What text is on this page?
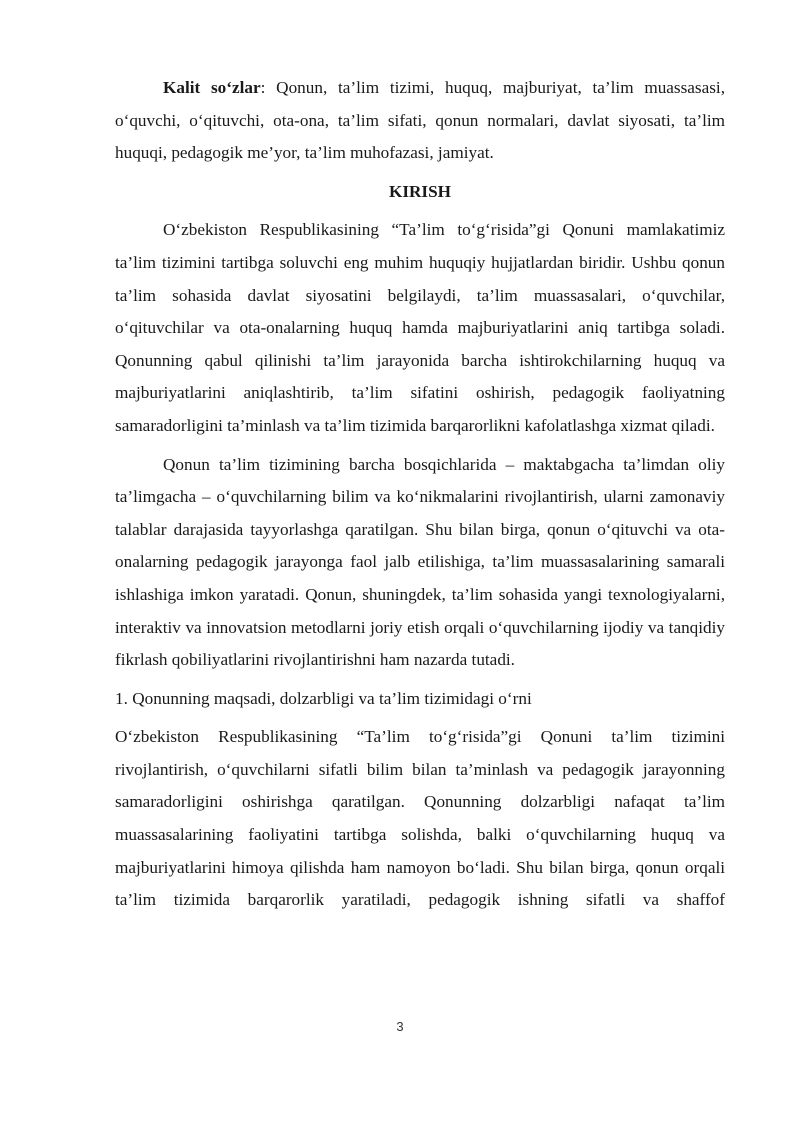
Kalit so‘zlar: Qonun, ta’lim tizimi, huquq, majburiyat, ta’lim muassasasi, o‘quvchi, o‘qituvchi, ota-ona, ta’lim sifati, qonun normalari, davlat siyosati, ta’lim huquqi, pedagogik me’yor, ta’lim muhofazasi, jamiyat.

KIRISH

O‘zbekiston Respublikasining “Ta’lim to‘g‘risida”gi Qonuni mamlakatimiz ta’lim tizimini tartibga soluvchi eng muhim huquqiy hujjatlardan biridir. Ushbu qonun ta’lim sohasida davlat siyosatini belgilaydi, ta’lim muassasalari, o‘quvchilar, o‘qituvchilar va ota-onalarning huquq hamda majburiyatlarini aniq tartibga soladi. Qonunning qabul qilinishi ta’lim jarayonida barcha ishtirokchilarning huquq va majburiyatlarini aniqlashtirib, ta’lim sifatini oshirish, pedagogik faoliyatning samaradorligini ta’minlash va ta’lim tizimida barqarorlikni kafolatlashga xizmat qiladi.

Qonun ta’lim tizimining barcha bosqichlarida – maktabgacha ta’limdan oliy ta’limgacha – o‘quvchilarning bilim va ko‘nikmalarini rivojlantirish, ularni zamonaviy talablar darajasida tayyorlashga qaratilgan. Shu bilan birga, qonun o‘qituvchi va ota-onalarning pedagogik jarayonga faol jalb etilishiga, ta’lim muassasalarining samarali ishlashiga imkon yaratadi. Qonun, shuningdek, ta’lim sohasida yangi texnologiyalarni, interaktiv va innovatsion metodlarni joriy etish orqali o‘quvchilarning ijodiy va tanqidiy fikrlash qobiliyatlarini rivojlantirishni ham nazarda tutadi.

1. Qonunning maqsadi, dolzarbligi va ta’lim tizimidagi o‘rni

O‘zbekiston Respublikasining “Ta’lim to‘g‘risida”gi Qonuni ta’lim tizimini rivojlantirish, o‘quvchilarni sifatli bilim bilan ta’minlash va pedagogik jarayonning samaradorligini oshirishga qaratilgan. Qonunning dolzarbligi nafaqat ta’lim muassasalarining faoliyatini tartibga solishda, balki o‘quvchilarning huquq va majburiyatlarini himoya qilishda ham namoyon bo‘ladi. Shu bilan birga, qonun orqali ta’lim tizimida barqarorlik yaratiladi, pedagogik ishning sifatli va shaffof

3
